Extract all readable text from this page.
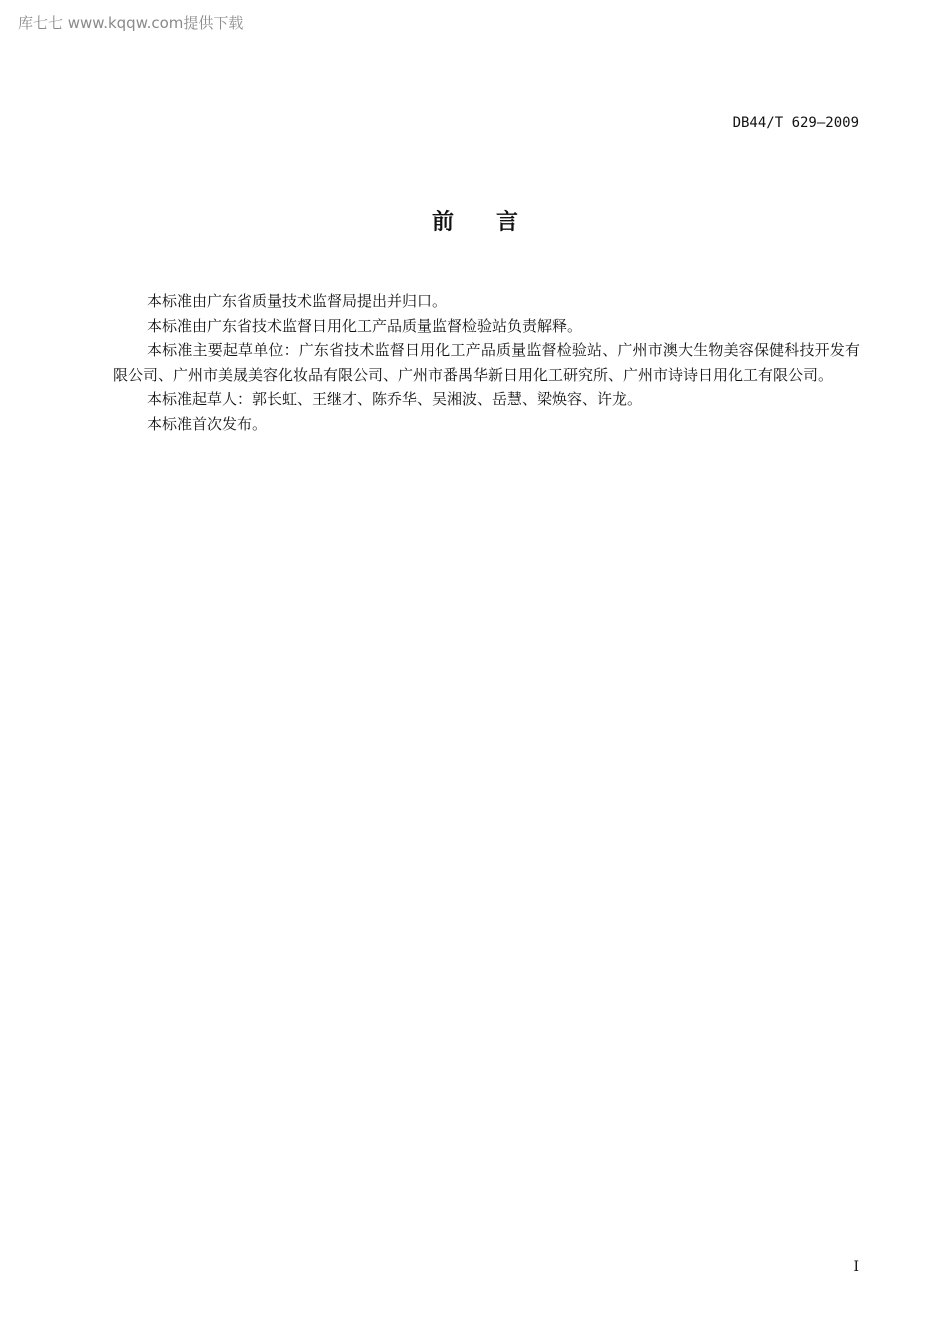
库七七 www.kqqw.com提供下载
DB44/T 629—2009
前言

本标准由广东省质量技术监督局提出并归口。

本标准由广东省技术监督日用化工产品质量监督检验站负责解释。

本标准主要起草单位：广东省技术监督日用化工产品质量监督检验站、广州市澳大生物美容保健科技开发有限公司、广州市美晟美容化妆品有限公司、广州市番禺华新日用化工研究所、广州市诗诗日用化工有限公司。

本标准起草人：郭长虹、王继才、陈乔华、吴湘波、岳慧、梁焕容、许龙。

本标准首次发布。

I
